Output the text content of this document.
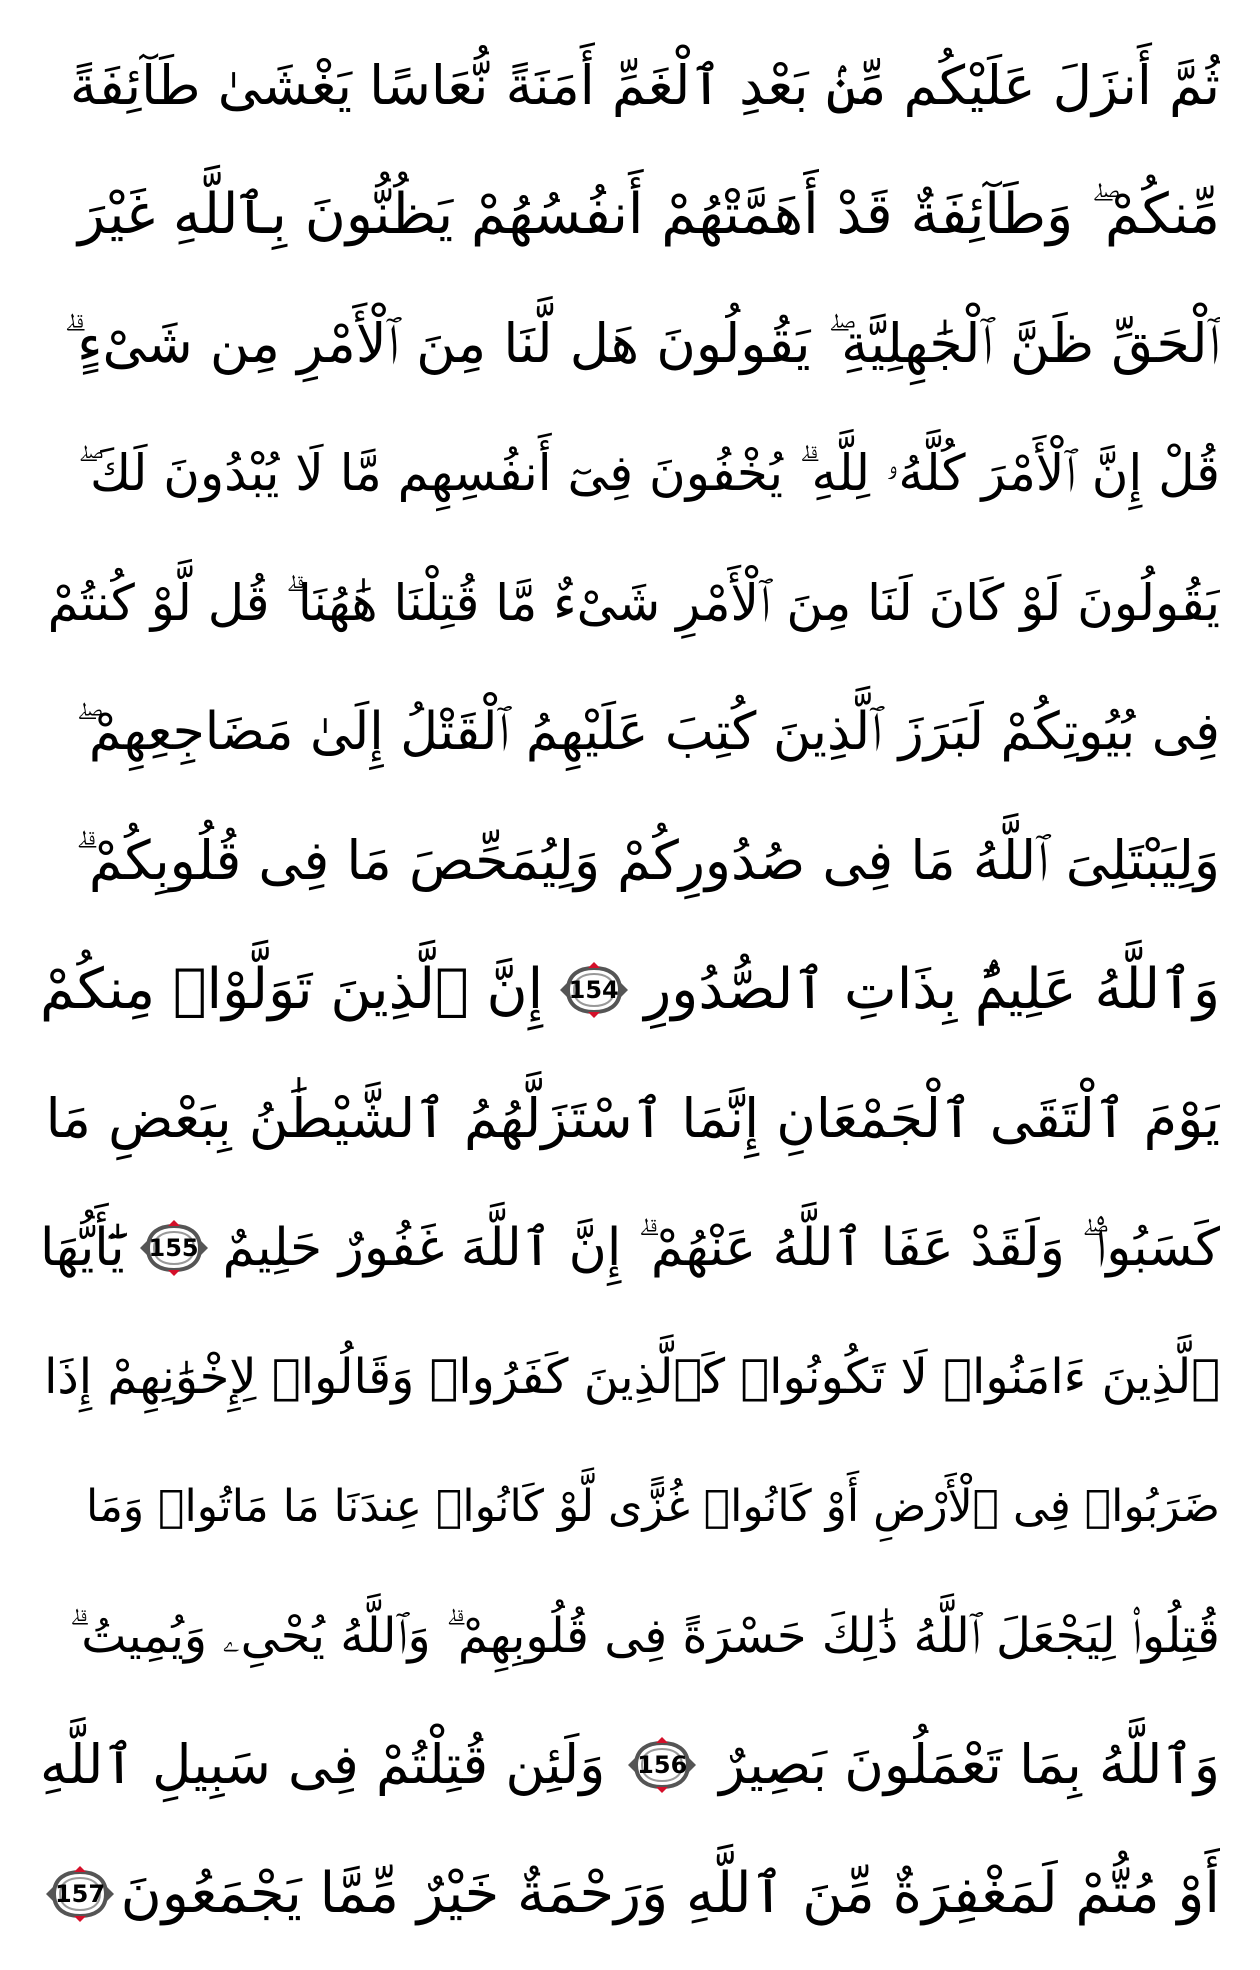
ثُمَّ أَنزَلَ عَلَيْكُم مِّنۢ بَعْدِ ٱلْغَمِّ أَمَنَةً نُّعَاسًا يَغْشَىٰ طَآئِفَةً
مِّنكُمْ ۖ وَطَآئِفَةٌ قَدْ أَهَمَّتْهُمْ أَنفُسُهُمْ يَظُنُّونَ بِٱللَّهِ غَيْرَ
ٱلْحَقِّ ظَنَّ ٱلْجَٰهِلِيَّةِ ۖ يَقُولُونَ هَل لَّنَا مِنَ ٱلْأَمْرِ مِن شَىْءٍ ۗ
قُلْ إِنَّ ٱلْأَمْرَ كُلَّهُۥ لِلَّهِ ۗ يُخْفُونَ فِىٓ أَنفُسِهِم مَّا لَا يُبْدُونَ لَكَ ۖ
يَقُولُونَ لَوْ كَانَ لَنَا مِنَ ٱلْأَمْرِ شَىْءٌ مَّا قُتِلْنَا هَٰهُنَا ۗ قُل لَّوْ كُنتُمْ
فِى بُيُوتِكُمْ لَبَرَزَ ٱلَّذِينَ كُتِبَ عَلَيْهِمُ ٱلْقَتْلُ إِلَىٰ مَضَاجِعِهِمْ ۖ
وَلِيَبْتَلِىَ ٱللَّهُ مَا فِى صُدُورِكُمْ وَلِيُمَحِّصَ مَا فِى قُلُوبِكُمْ ۗ
وَٱللَّهُ عَلِيمٌۢ بِذَاتِ ٱلصُّدُورِ
154
إِنَّ ٱلَّذِينَ تَوَلَّوْا۟ مِنكُمْ
يَوْمَ ٱلْتَقَى ٱلْجَمْعَانِ إِنَّمَا ٱسْتَزَلَّهُمُ ٱلشَّيْطَٰنُ بِبَعْضِ مَا
كَسَبُوا۟ ۖ وَلَقَدْ عَفَا ٱللَّهُ عَنْهُمْ ۗ إِنَّ ٱللَّهَ غَفُورٌ حَلِيمٌ
155
يَٰٓأَيُّهَا
ٱلَّذِينَ ءَامَنُوا۟ لَا تَكُونُوا۟ كَٱلَّذِينَ كَفَرُوا۟ وَقَالُوا۟ لِإِخْوَٰنِهِمْ إِذَا
ضَرَبُوا۟ فِى ٱلْأَرْضِ أَوْ كَانُوا۟ غُزًّى لَّوْ كَانُوا۟ عِندَنَا مَا مَاتُوا۟ وَمَا
قُتِلُوا۟ لِيَجْعَلَ ٱللَّهُ ذَٰلِكَ حَسْرَةً فِى قُلُوبِهِمْ ۗ وَٱللَّهُ يُحْىِۦ وَيُمِيتُ ۗ
وَٱللَّهُ بِمَا تَعْمَلُونَ بَصِيرٌ
156
وَلَئِن قُتِلْتُمْ فِى سَبِيلِ ٱللَّهِ
أَوْ مُتُّمْ لَمَغْفِرَةٌ مِّنَ ٱللَّهِ وَرَحْمَةٌ خَيْرٌ مِّمَّا يَجْمَعُونَ
157
